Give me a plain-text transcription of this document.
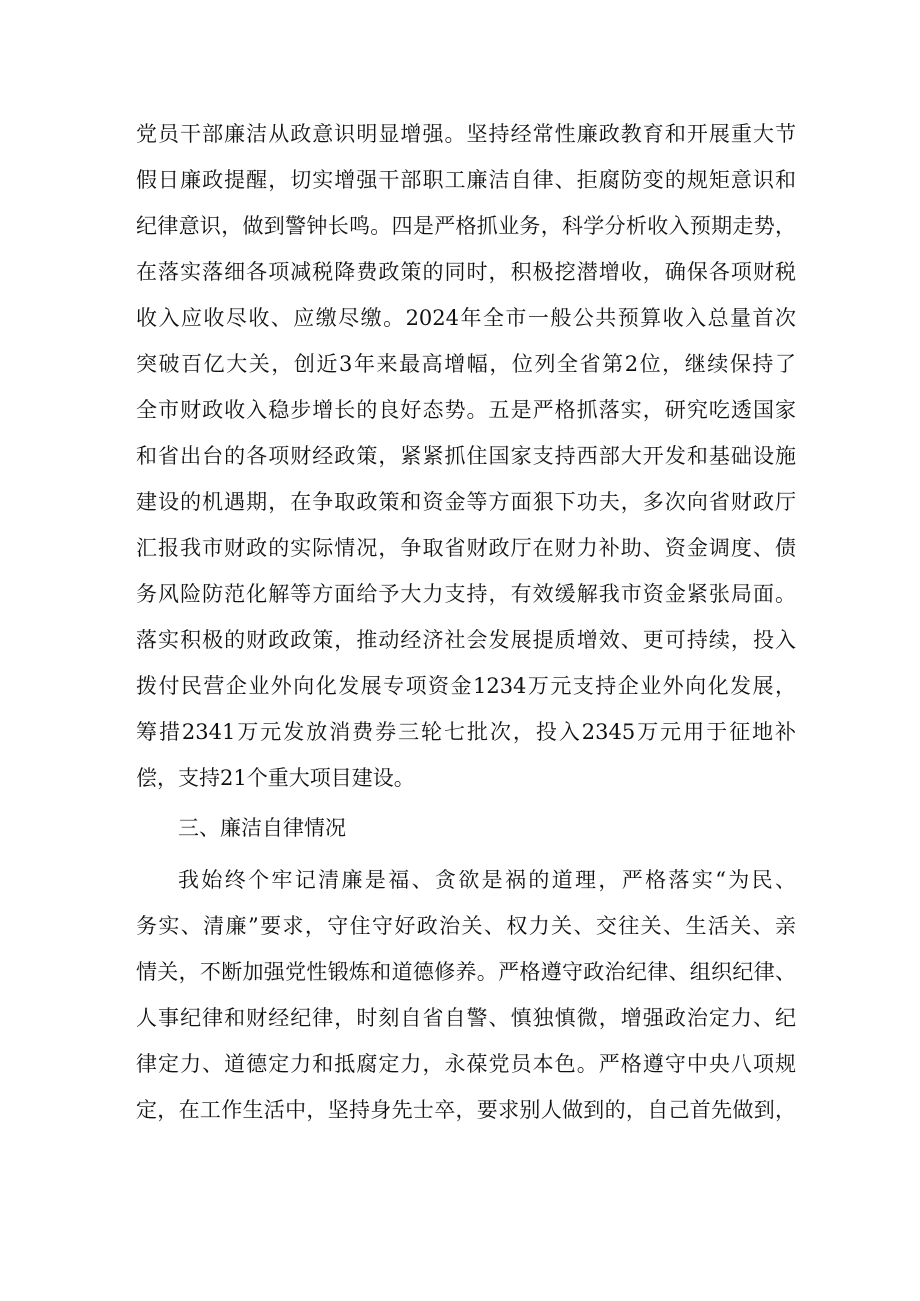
党员干部廉洁从政意识明显增强。坚持经常性廉政教育和开展重大节
假日廉政提醒，切实增强干部职工廉洁自律、拒腐防变的规矩意识和
纪律意识，做到警钟长鸣。四是严格抓业务，科学分析收入预期走势，
在落实落细各项减税降费政策的同时，积极挖潜增收，确保各项财税
收入应收尽收、应缴尽缴。2024年全市一般公共预算收入总量首次
突破百亿大关，创近3年来最高增幅，位列全省第2位，继续保持了
全市财政收入稳步增长的良好态势。五是严格抓落实，研究吃透国家
和省出台的各项财经政策，紧紧抓住国家支持西部大开发和基础设施
建设的机遇期，在争取政策和资金等方面狠下功夫，多次向省财政厅
汇报我市财政的实际情况，争取省财政厅在财力补助、资金调度、债
务风险防范化解等方面给予大力支持，有效缓解我市资金紧张局面。
落实积极的财政政策，推动经济社会发展提质增效、更可持续，投入
拨付民营企业外向化发展专项资金1234万元支持企业外向化发展，
筹措2341万元发放消费券三轮七批次，投入2345万元用于征地补
偿，支持21个重大项目建设。
三、廉洁自律情况
我始终个牢记清廉是福、贪欲是祸的道理，严格落实“为民、
务实、清廉”要求，守住守好政治关、权力关、交往关、生活关、亲
情关，不断加强党性锻炼和道德修养。严格遵守政治纪律、组织纪律、
人事纪律和财经纪律，时刻自省自警、慎独慎微，增强政治定力、纪
律定力、道德定力和抵腐定力，永葆党员本色。严格遵守中央八项规
定，在工作生活中，坚持身先士卒，要求别人做到的，自己首先做到，
